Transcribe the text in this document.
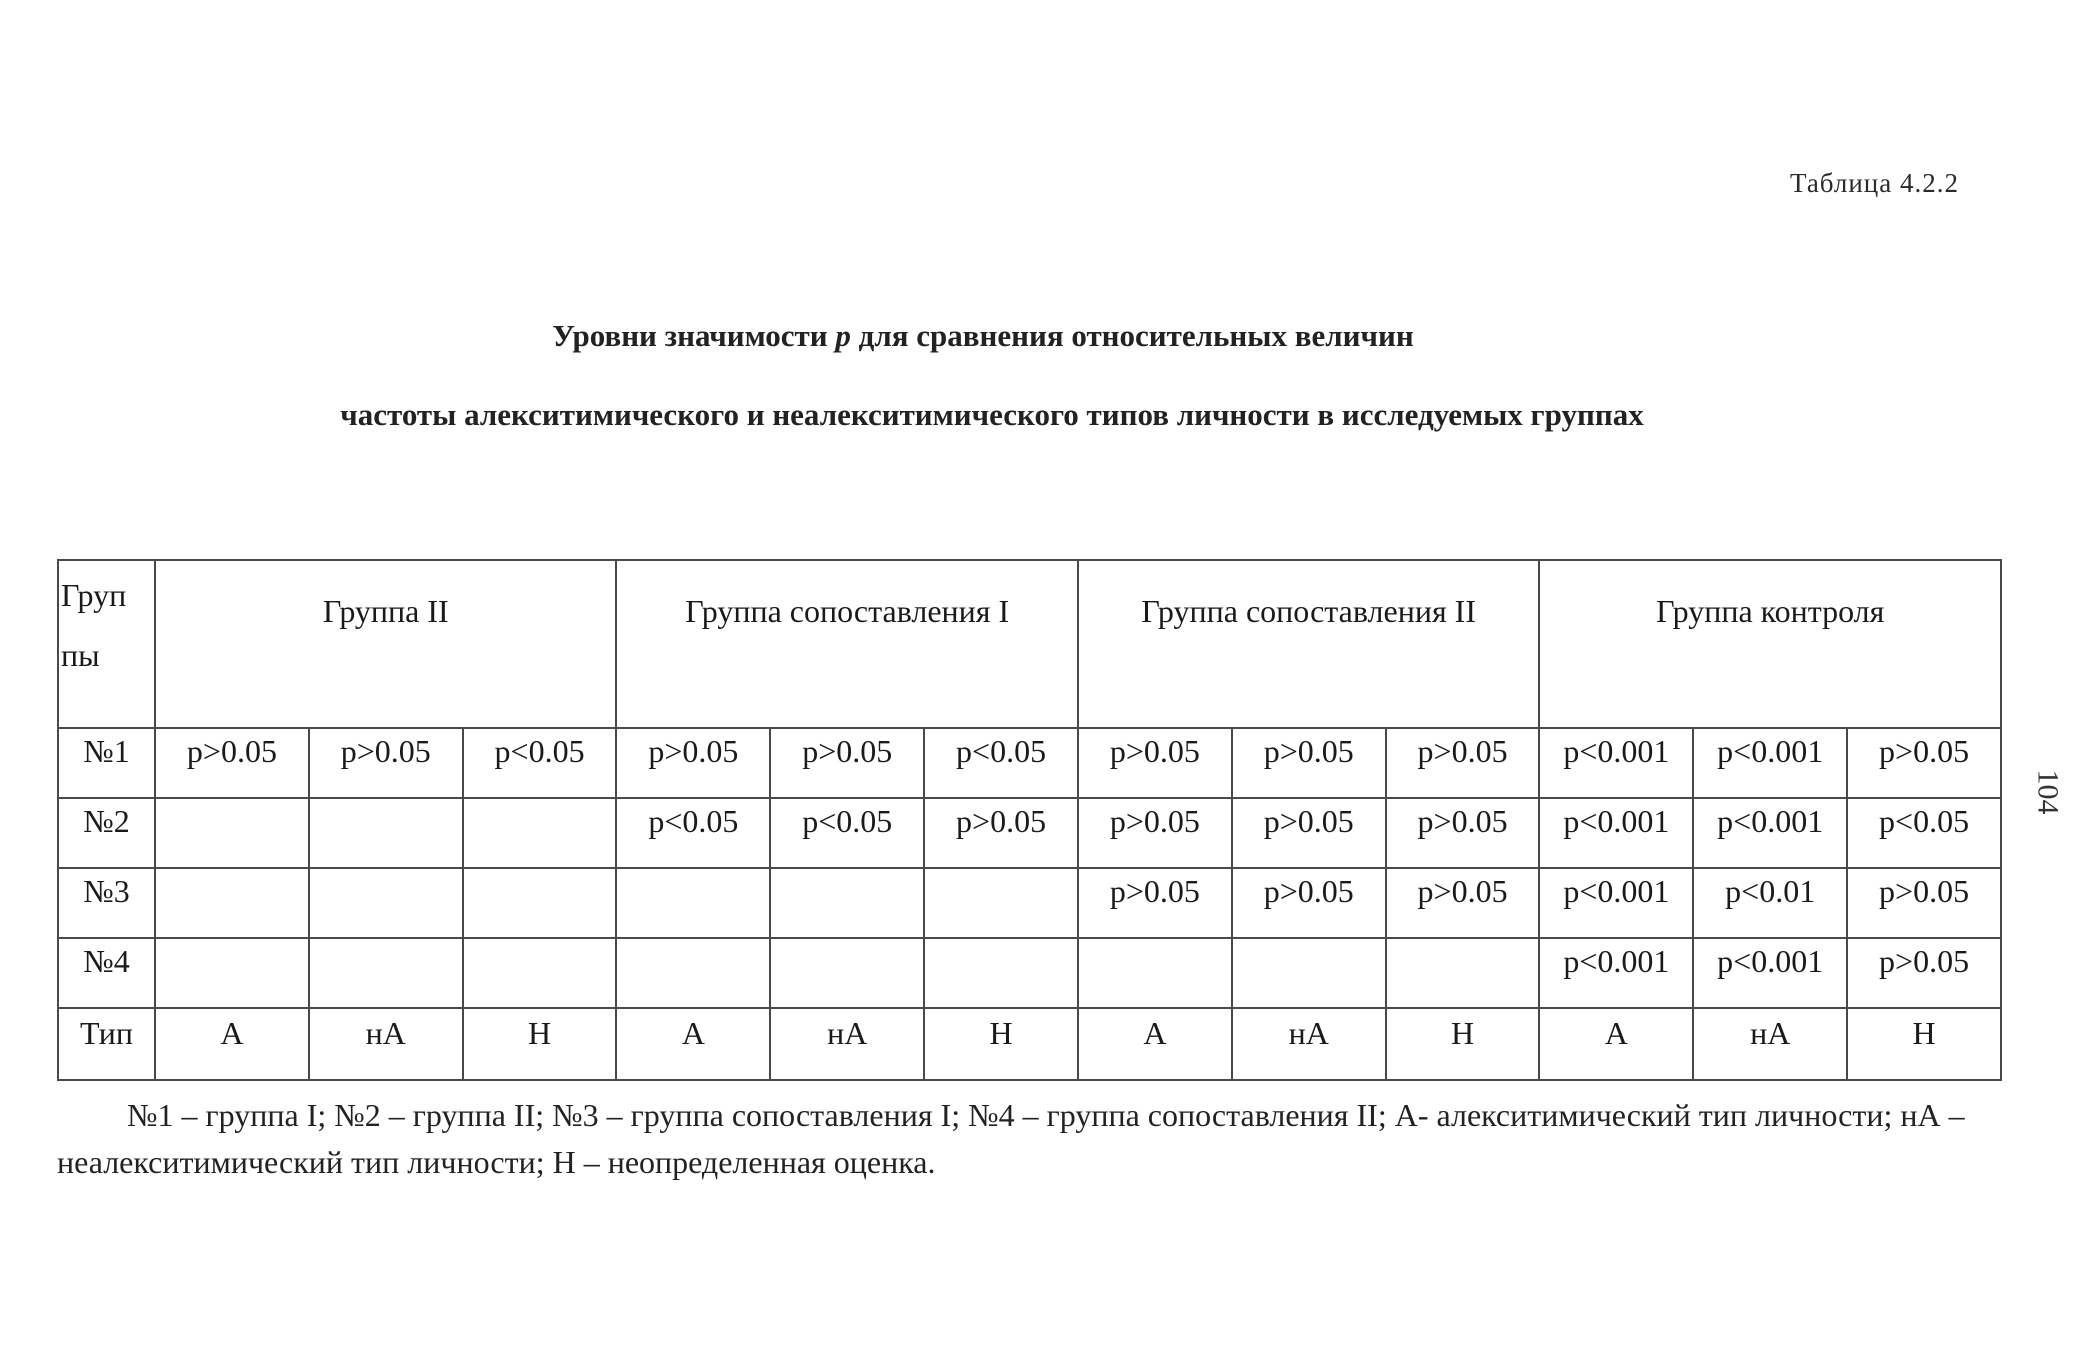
Таблица 4.2.2
Уровни значимости p для сравнения относительных величин
частоты алекситимического и неалекситимического типов личности в исследуемых группах
Груп пы	Группа II			Группа сопоставления I			Группа сопоставления II			Группа контроля		
№1	p>0.05	p>0.05	p<0.05	p>0.05	p>0.05	p<0.05	p>0.05	p>0.05	p>0.05	p<0.001	p<0.001	p>0.05
№2				p<0.05	p<0.05	p>0.05	p>0.05	p>0.05	p>0.05	p<0.001	p<0.001	p<0.05
№3							p>0.05	p>0.05	p>0.05	p<0.001	p<0.01	p>0.05
№4										p<0.001	p<0.001	p>0.05
Тип	А	нА	Н	А	нА	Н	А	нА	Н	А	нА	Н
104
№1 – группа I; №2 – группа II; №3 – группа сопоставления I; №4 – группа сопоставления II; А- алекситимический тип личности; нА – неалекситимический тип личности; Н – неопределенная оценка.
